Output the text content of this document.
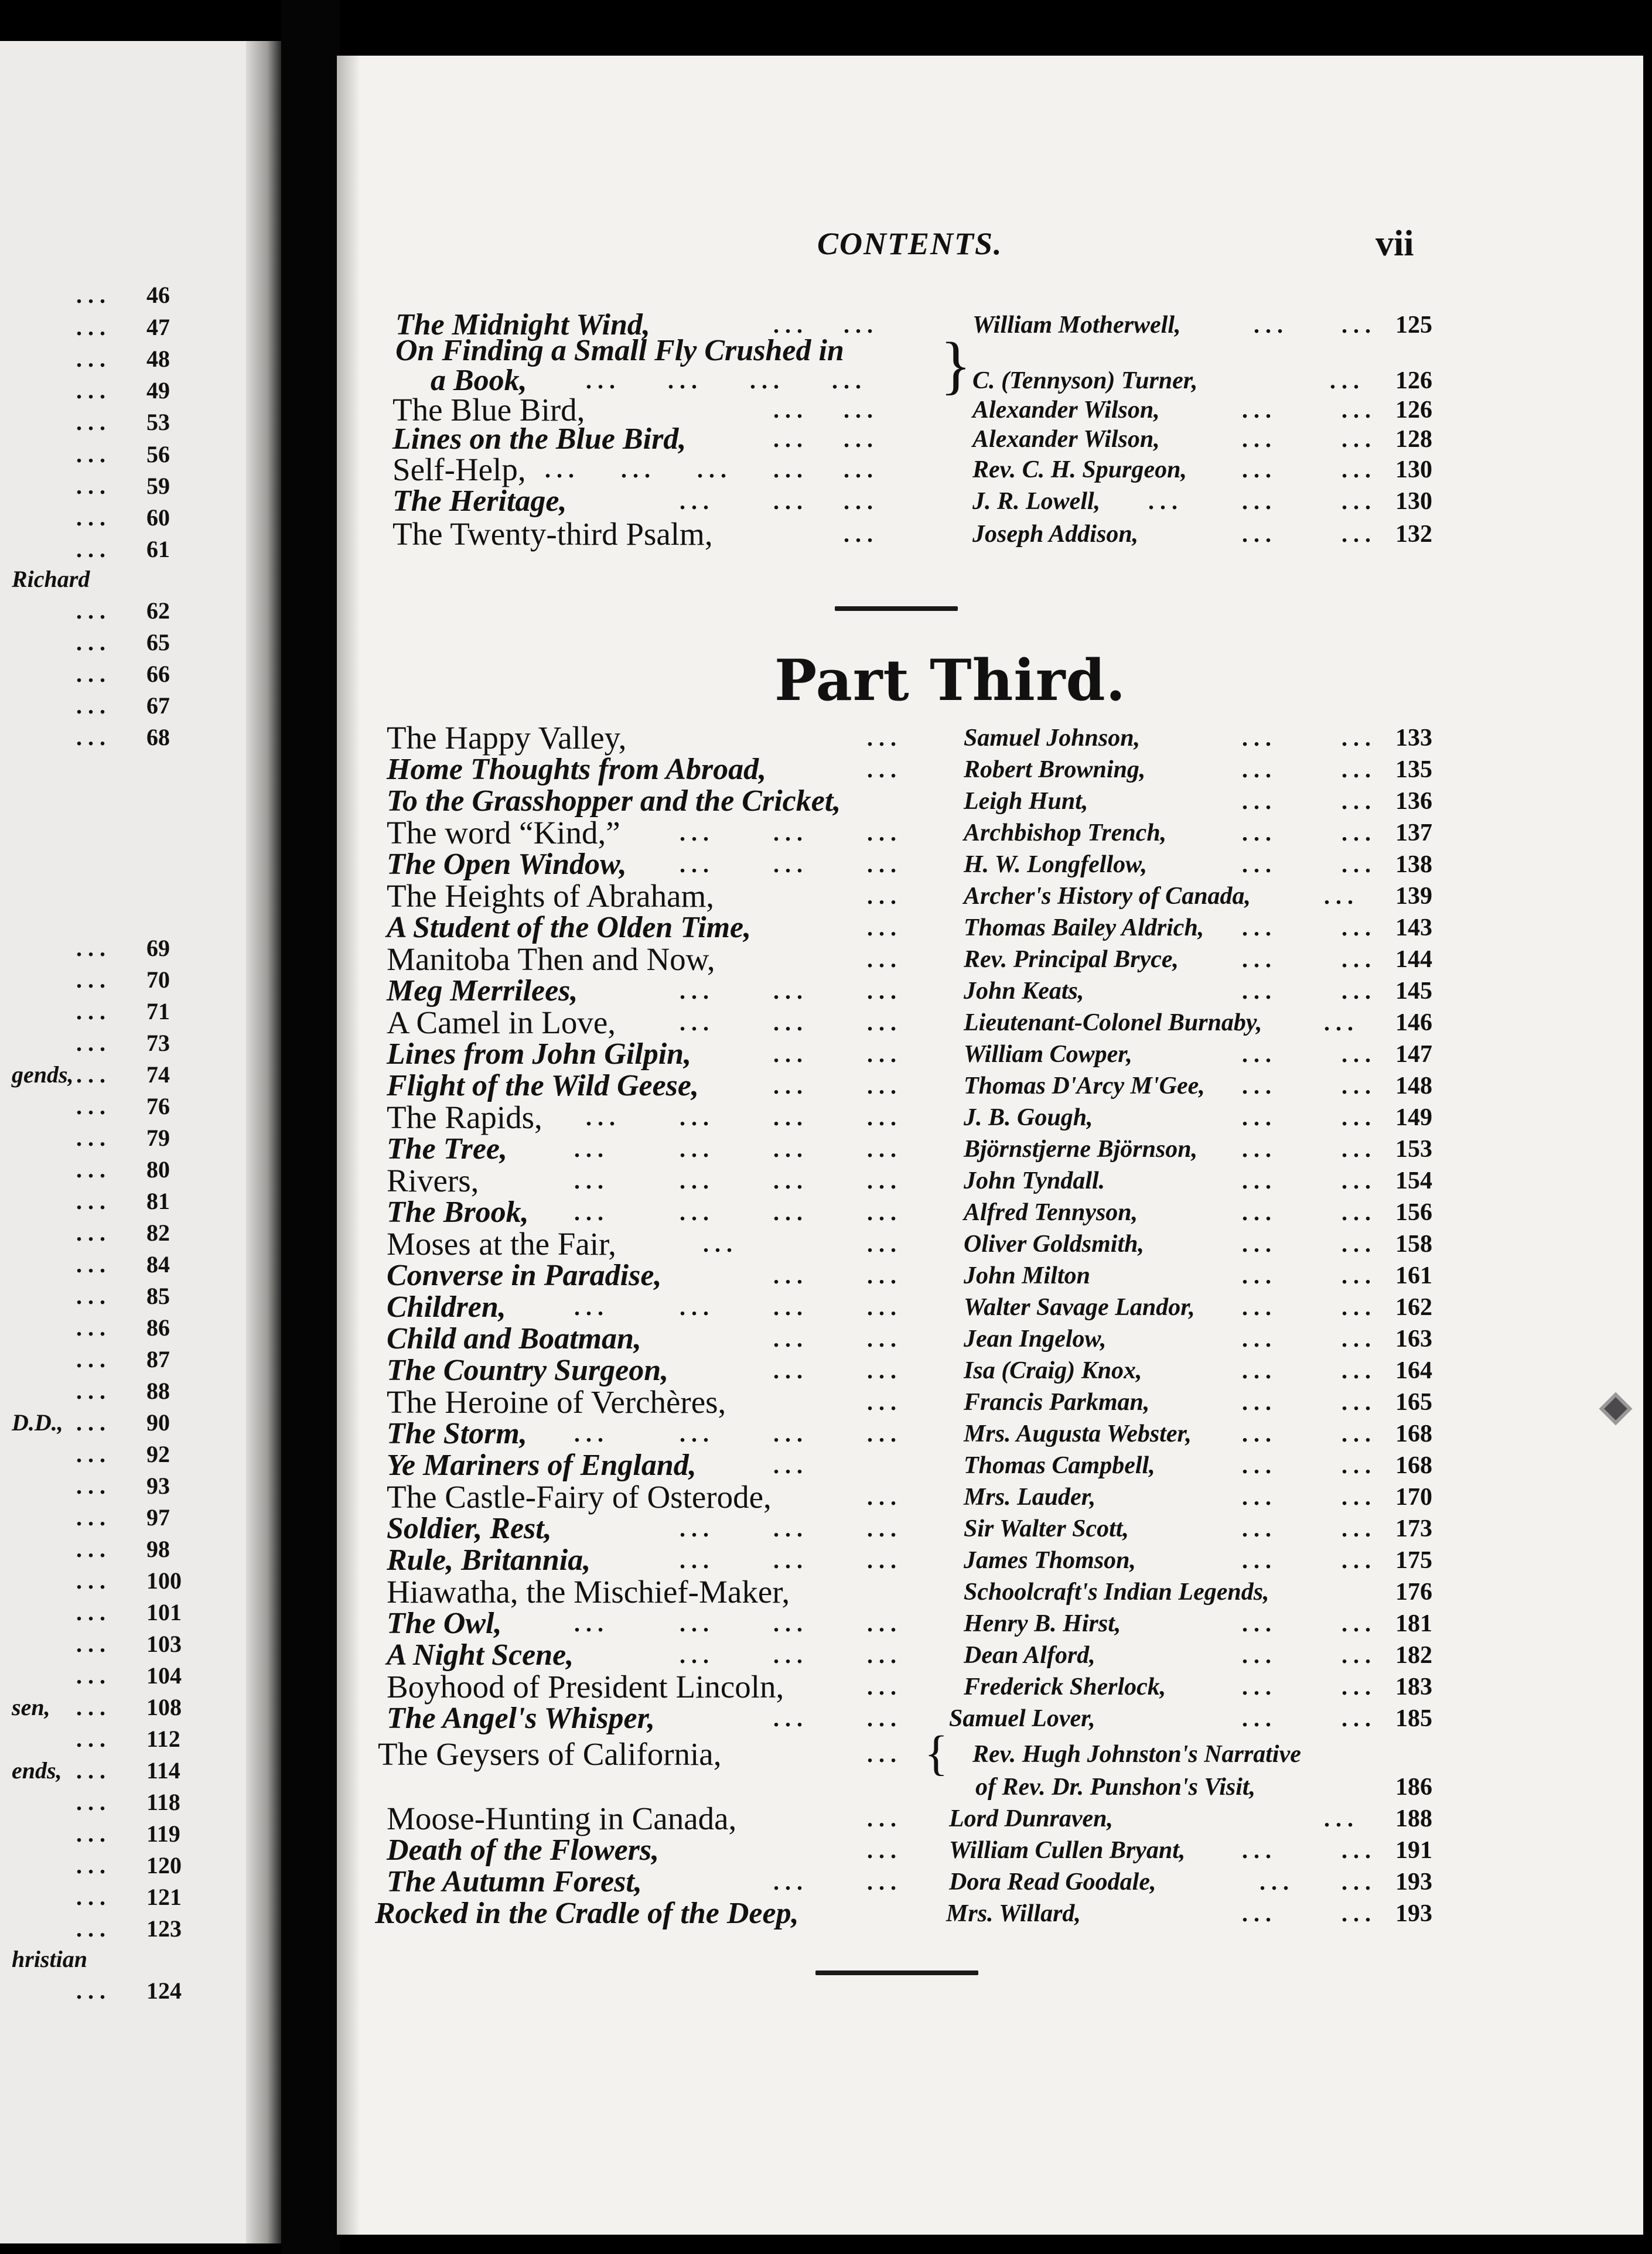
... 46
... 47
... 48
... 49
... 53
... 56
... 59
... 60
... 61
Richard
... 62
... 65
... 66
... 67
... 68
... 69
... 70
... 71
... 73
gends, ... 74
... 76
... 79
... 80
... 81
... 82
... 84
... 85
... 86
... 87
... 88
D.D., ... 90
... 92
... 93
... 97
... 98
... 100
... 101
... 103
... 104
sen, ... 108
... 112
ends, ... 114
... 118
... 119
... 120
... 121
... 123
hristian
... 124
CONTENTS.	vii
The Midnight Wind,	... ...	William Motherwell,	... ... 125
On Finding a Small Fly Crushed in
a Book,	... ... ... ...	C. (Tennyson) Turner,	... 126
The Blue Bird,	... ...	Alexander Wilson,	...	... 126
Lines on the Blue Bird,	... ...	Alexander Wilson,	...	... 128
Self-Help, ... ... ... ... ...	Rev. C. H. Spurgeon, ...	... 130
The Heritage,	...	... ...	J. R. Lowell, ...	...	... 130
The Twenty-third Psalm,	...	Joseph Addison,	...	... 132
}
Part Third.
The Happy Valley,	...	Samuel Johnson,	...	... 133
Home Thoughts from Abroad,	...	Robert Browning,	...	... 135
To the Grasshopper and the Cricket,	Leigh Hunt,	...	... 136
The word “Kind,”	...	...	...	Archbishop Trench,	...	... 137
The Open Window, ...	...	...	H. W. Longfellow,	...	... 138
The Heights of Abraham,	...	Archer's History of Canada,	... 139
A Student of the Olden Time,	...	Thomas Bailey Aldrich, ...	... 143
Manitoba Then and Now,	...	Rev. Principal Bryce,	...	... 144
Meg Merrilees,	...	...	...	John Keats,	...	... 145
A Camel in Love,	...	...	...	Lieutenant-Colonel Burnaby,	... 146
Lines from John Gilpin,	...	...	William Cowper,	...	... 147
Flight of the Wild Geese,	...	...	Thomas D'Arcy M'Gee, ...	... 148
The Rapids, ...	...	...	...	J. B. Gough,	...	... 149
The Tree,	...	...	...	...	Björnstjerne Björnson, ...	... 153
Rivers,	...	...	...	...	John Tyndall.	...	... 154
The Brook, ...	...	...	...	Alfred Tennyson,	...	... 156
Moses at the Fair,	...	...	Oliver Goldsmith,	...	... 158
Converse in Paradise,	...	...	John Milton	...	... 161
Children,	...	...	...	...	Walter Savage Landor, ...	... 162
Child and Boatman,	...	...	Jean Ingelow,	...	... 163
The Country Surgeon,	...	...	Isa (Craig) Knox,	...	... 164
The Heroine of Verchères,	...	Francis Parkman,	...	... 165
The Storm, ...	...	...	...	Mrs. Augusta Webster, ...	... 168
Ye Mariners of England,	...	Thomas Campbell,	...	... 168
The Castle-Fairy of Osterode,	...	Mrs. Lauder,	...	... 170
Soldier, Rest,	...	...	...	Sir Walter Scott,	...	... 173
Rule, Britannia,	...	...	...	James Thomson,	...	... 175
Hiawatha, the Mischief-Maker,	Schoolcraft's Indian Legends,	176
The Owl,	...	...	...	...	Henry B. Hirst,	...	... 181
A Night Scene,	...	...	...	Dean Alford,	...	... 182
Boyhood of President Lincoln,	...	Frederick Sherlock,	...	... 183
The Angel's Whisper,	...	... Samuel Lover,	...	... 185
The Geysers of California,	...	Rev. Hugh Johnston's Narrative
of Rev. Dr. Punshon's Visit,	186
Moose-Hunting in Canada,	... Lord Dunraven,	... 188
Death of the Flowers,	... William Cullen Bryant, ...	... 191
The Autumn Forest,	...	... Dora Read Goodale,	... ... 193
Rocked in the Cradle of the Deep,	Mrs. Willard,	...	... 193
{
